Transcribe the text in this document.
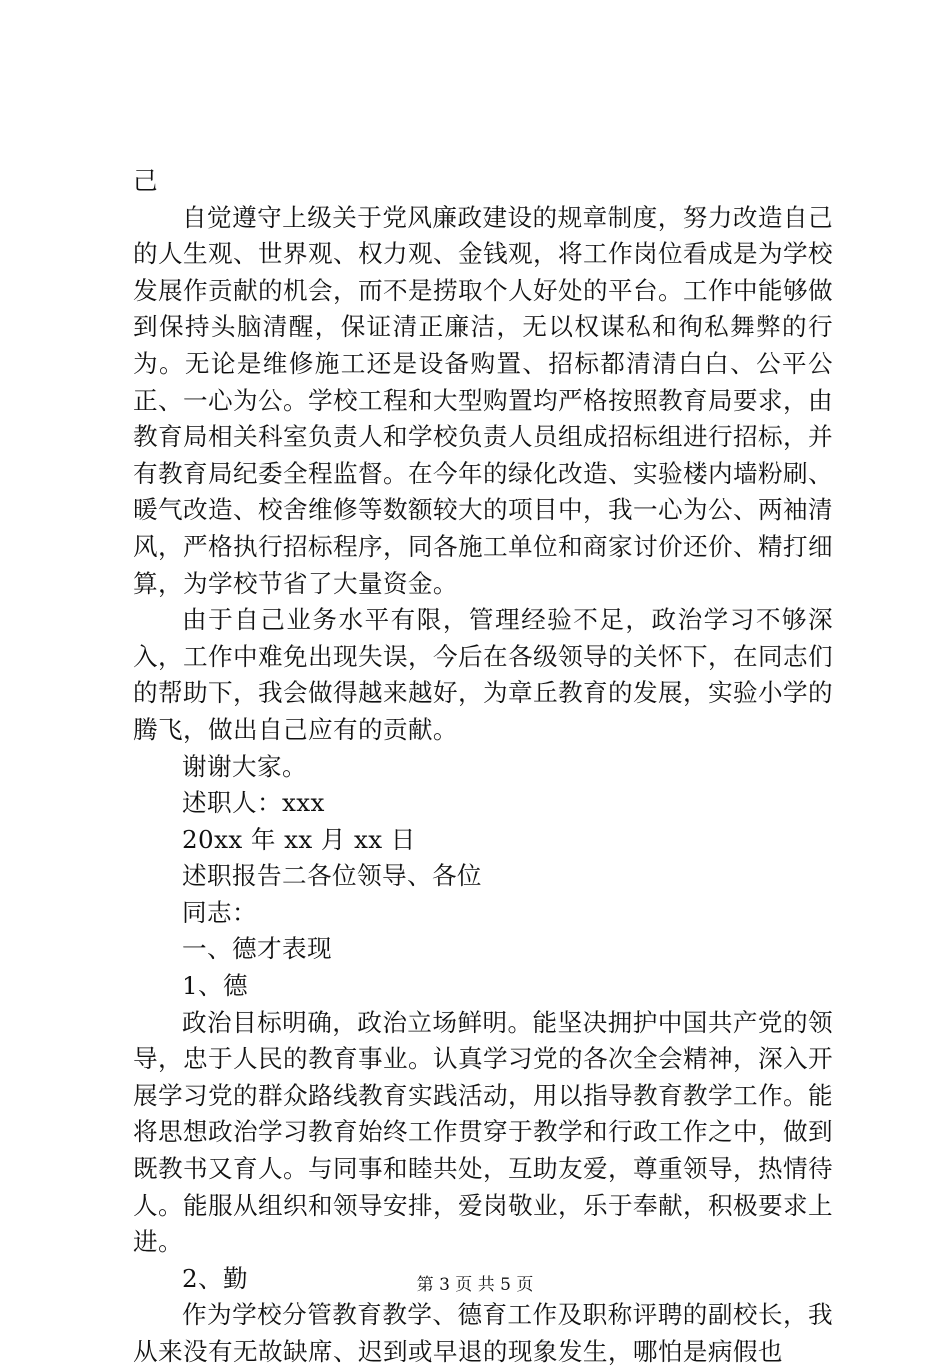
己

自觉遵守上级关于党风廉政建设的规章制度，努力改造自己的人生观、世界观、权力观、金钱观，将工作岗位看成是为学校发展作贡献的机会，而不是捞取个人好处的平台。工作中能够做到保持头脑清醒，保证清正廉洁，无以权谋私和徇私舞弊的行为。无论是维修施工还是设备购置、招标都清清白白、公平公正、一心为公。学校工程和大型购置均严格按照教育局要求，由教育局相关科室负责人和学校负责人员组成招标组进行招标，并有教育局纪委全程监督。在今年的绿化改造、实验楼内墙粉刷、暖气改造、校舍维修等数额较大的项目中，我一心为公、两袖清风，严格执行招标程序，同各施工单位和商家讨价还价、精打细算，为学校节省了大量资金。

由于自己业务水平有限，管理经验不足，政治学习不够深入，工作中难免出现失误，今后在各级领导的关怀下，在同志们的帮助下，我会做得越来越好，为章丘教育的发展，实验小学的腾飞，做出自己应有的贡献。

谢谢大家。

述职人：xxx

20xx 年 xx 月 xx 日

述职报告二各位领导、各位

同志：

一、德才表现

1、德

政治目标明确，政治立场鲜明。能坚决拥护中国共产党的领导，忠于人民的教育事业。认真学习党的各次全会精神，深入开展学习党的群众路线教育实践活动，用以指导教育教学工作。能将思想政治学习教育始终工作贯穿于教学和行政工作之中，做到既教书又育人。与同事和睦共处，互助友爱，尊重领导，热情待人。能服从组织和领导安排，爱岗敬业，乐于奉献，积极要求上进。

2、勤

作为学校分管教育教学、德育工作及职称评聘的副校长，我从来没有无故缺席、迟到或早退的现象发生，哪怕是病假也

第 3 页 共 5 页
